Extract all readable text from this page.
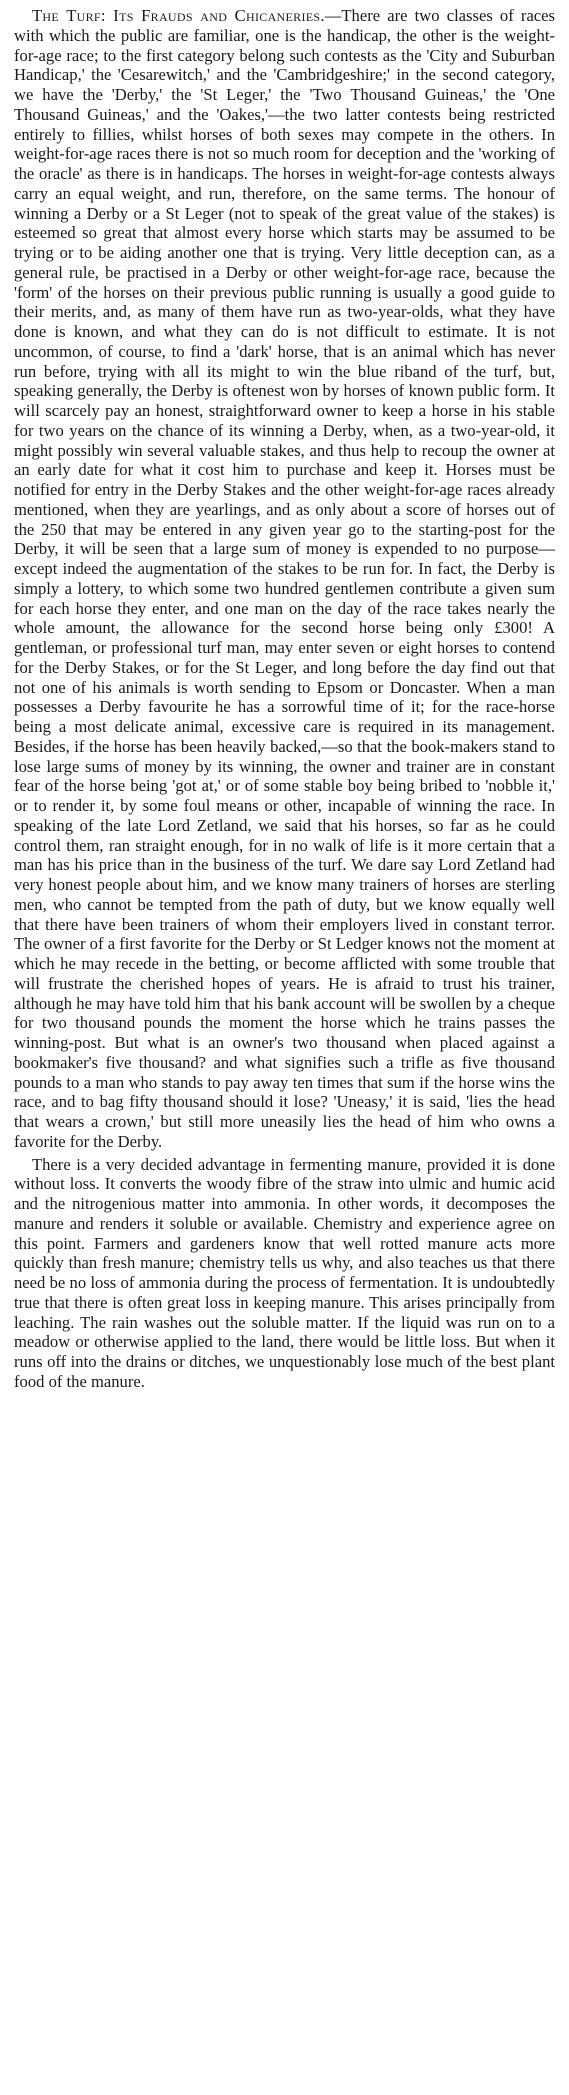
The Turf: Its Frauds and Chicaneries.—There are two classes of races with which the public are familiar, one is the handicap, the other is the weight-for-age race; to the first category belong such contests as the 'City and Suburban Handicap,' the 'Cesarewitch,' and the 'Cambridgeshire;' in the second category, we have the 'Derby,' the 'St Leger,' the 'Two Thousand Guineas,' the 'One Thousand Guineas,' and the 'Oakes,'—the two latter contests being restricted entirely to fillies, whilst horses of both sexes may compete in the others. In weight-for-age races there is not so much room for deception and the 'working of the oracle' as there is in handicaps. The horses in weight-for-age contests always carry an equal weight, and run, therefore, on the same terms. The honour of winning a Derby or a St Leger (not to speak of the great value of the stakes) is esteemed so great that almost every horse which starts may be assumed to be trying or to be aiding another one that is trying. Very little deception can, as a general rule, be practised in a Derby or other weight-for-age race, because the 'form' of the horses on their previous public running is usually a good guide to their merits, and, as many of them have run as two-year-olds, what they have done is known, and what they can do is not difficult to estimate. It is not uncommon, of course, to find a 'dark' horse, that is an animal which has never run before, trying with all its might to win the blue riband of the turf, but, speaking generally, the Derby is oftenest won by horses of known public form. It will scarcely pay an honest, straightforward owner to keep a horse in his stable for two years on the chance of its winning a Derby, when, as a two-year-old, it might possibly win several valuable stakes, and thus help to recoup the owner at an early date for what it cost him to purchase and keep it. Horses must be notified for entry in the Derby Stakes and the other weight-for-age races already mentioned, when they are yearlings, and as only about a score of horses out of the 250 that may be entered in any given year go to the starting-post for the Derby, it will be seen that a large sum of money is expended to no purpose—except indeed the augmentation of the stakes to be run for. In fact, the Derby is simply a lottery, to which some two hundred gentlemen contribute a given sum for each horse they enter, and one man on the day of the race takes nearly the whole amount, the allowance for the second horse being only £300! A gentleman, or professional turf man, may enter seven or eight horses to contend for the Derby Stakes, or for the St Leger, and long before the day find out that not one of his animals is worth sending to Epsom or Doncaster. When a man possesses a Derby favourite he has a sorrowful time of it; for the race-horse being a most delicate animal, excessive care is required in its management. Besides, if the horse has been heavily backed,—so that the book-makers stand to lose large sums of money by its winning, the owner and trainer are in constant fear of the horse being 'got at,' or of some stable boy being bribed to 'nobble it,' or to render it, by some foul means or other, incapable of winning the race. In speaking of the late Lord Zetland, we said that his horses, so far as he could control them, ran straight enough, for in no walk of life is it more certain that a man has his price than in the business of the turf. We dare say Lord Zetland had very honest people about him, and we know many trainers of horses are sterling men, who cannot be tempted from the path of duty, but we know equally well that there have been trainers of whom their employers lived in constant terror. The owner of a first favorite for the Derby or St Ledger knows not the moment at which he may recede in the betting, or become afflicted with some trouble that will frustrate the cherished hopes of years. He is afraid to trust his trainer, although he may have told him that his bank account will be swollen by a cheque for two thousand pounds the moment the horse which he trains passes the winning-post. But what is an owner's two thousand when placed against a bookmaker's five thousand? and what signifies such a trifle as five thousand pounds to a man who stands to pay away ten times that sum if the horse wins the race, and to bag fifty thousand should it lose? 'Uneasy,' it is said, 'lies the head that wears a crown,' but still more uneasily lies the head of him who owns a favorite for the Derby.

There is a very decided advantage in fermenting manure, provided it is done without loss. It converts the woody fibre of the straw into ulmic and humic acid and the nitrogenious matter into ammonia. In other words, it decomposes the manure and renders it soluble or available. Chemistry and experience agree on this point. Farmers and gardeners know that well rotted manure acts more quickly than fresh manure; chemistry tells us why, and also teaches us that there need be no loss of ammonia during the process of fermentation. It is undoubtedly true that there is often great loss in keeping manure. This arises principally from leaching. The rain washes out the soluble matter. If the liquid was run on to a meadow or otherwise applied to the land, there would be little loss. But when it runs off into the drains or ditches, we unquestionably lose much of the best plant food of the manure.
